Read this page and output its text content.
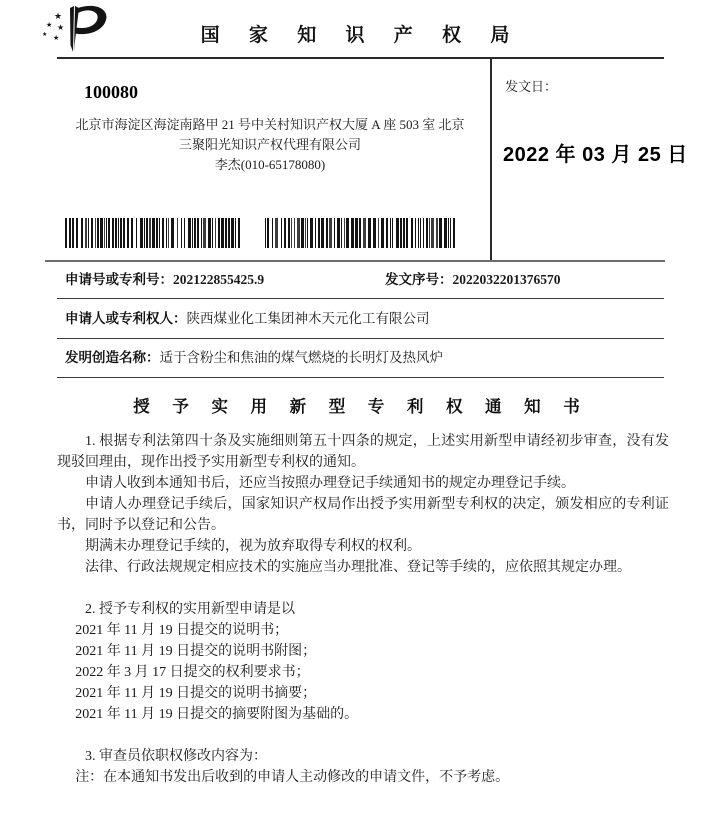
★
★ ★
★ ★	国 家 知 识 产 权 局
100080
北京市海淀区海淀南路甲 21 号中关村知识产权大厦 A 座 503 室 北京
三聚阳光知识产权代理有限公司
李杰(010-65178080)
发文日：
2022 年 03 月 25 日
申请号或专利号：202122855425.9	发文序号：2022032201376570
申请人或专利权人：陕西煤业化工集团神木天元化工有限公司
发明创造名称：适于含粉尘和焦油的煤气燃烧的长明灯及热风炉
授 予 实 用 新 型 专 利 权 通 知 书

1. 根据专利法第四十条及实施细则第五十四条的规定，上述实用新型申请经初步审查，没有发现驳回理由，现作出授予实用新型专利权的通知。

申请人收到本通知书后，还应当按照办理登记手续通知书的规定办理登记手续。

申请人办理登记手续后，国家知识产权局作出授予实用新型专利权的决定，颁发相应的专利证书，同时予以登记和公告。

期满未办理登记手续的，视为放弃取得专利权的权利。

法律、行政法规规定相应技术的实施应当办理批准、登记等手续的，应依照其规定办理。

2. 授予专利权的实用新型申请是以

2021 年 11 月 19 日提交的说明书；

2021 年 11 月 19 日提交的说明书附图；

2022 年 3 月 17 日提交的权利要求书；

2021 年 11 月 19 日提交的说明书摘要；

2021 年 11 月 19 日提交的摘要附图为基础的。

3. 审查员依职权修改内容为：

注：在本通知书发出后收到的申请人主动修改的申请文件，不予考虑。
